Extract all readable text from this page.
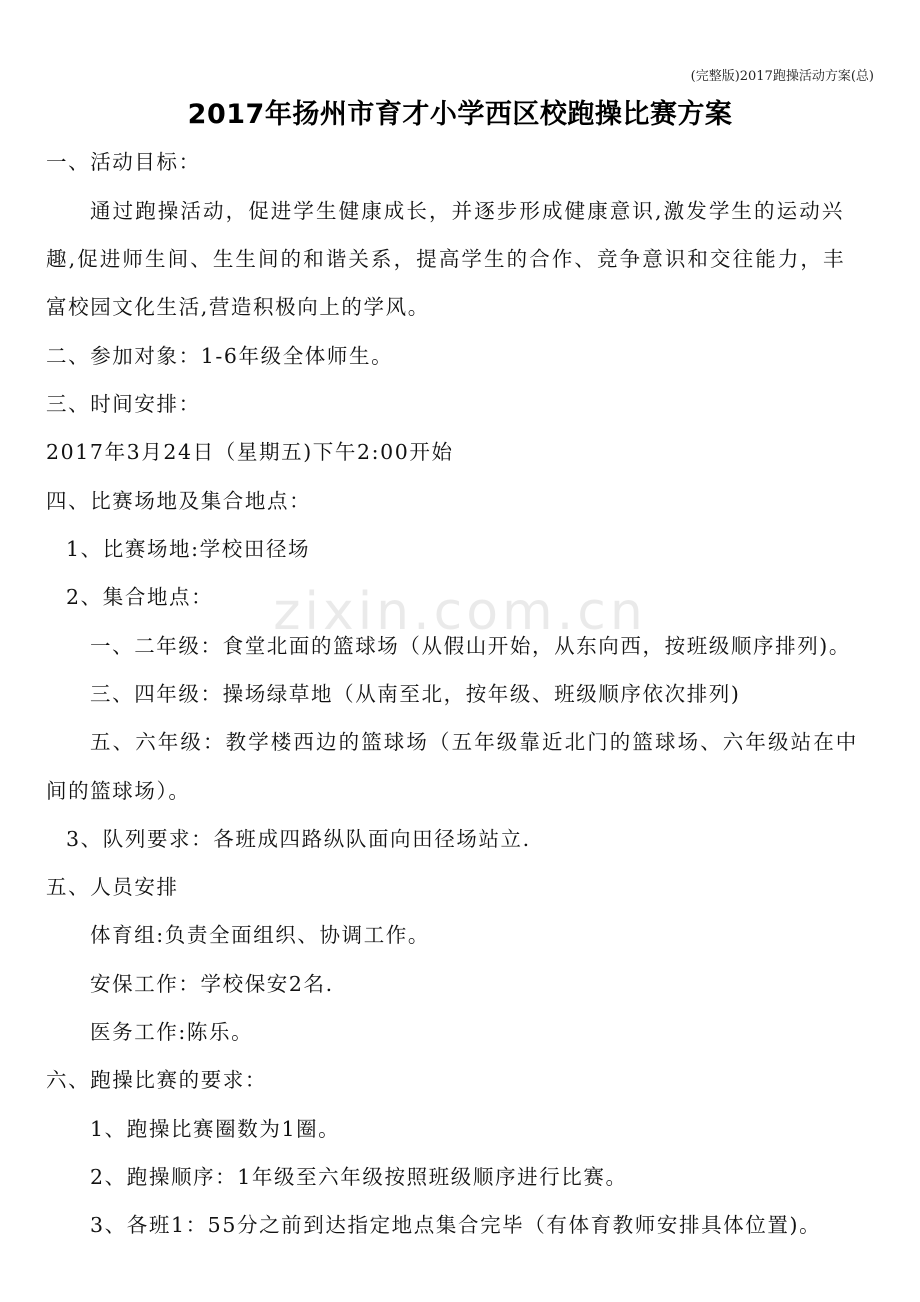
(完整版)2017跑操活动方案(总)
2017年扬州市育才小学西区校跑操比赛方案
zixin.com.cn
一、活动目标：
通过跑操活动，促进学生健康成长，并逐步形成健康意识,激发学生的运动兴
趣,促进师生间、生生间的和谐关系，提高学生的合作、竞争意识和交往能力，丰
富校园文化生活,营造积极向上的学风。
二、参加对象：1-6年级全体师生。
三、时间安排：
2017年3月24日（星期五)下午2:00开始
四、比赛场地及集合地点：
1、比赛场地:学校田径场
2、集合地点：
一、二年级：食堂北面的篮球场（从假山开始，从东向西，按班级顺序排列)。
三、四年级：操场绿草地（从南至北，按年级、班级顺序依次排列)
五、六年级：教学楼西边的篮球场（五年级靠近北门的篮球场、六年级站在中
间的篮球场）。
3、队列要求：各班成四路纵队面向田径场站立.
五、人员安排
体育组:负责全面组织、协调工作。
安保工作：学校保安2名.
医务工作:陈乐。
六、跑操比赛的要求：
1、跑操比赛圈数为1圈。
2、跑操顺序：1年级至六年级按照班级顺序进行比赛。
3、各班1：55分之前到达指定地点集合完毕（有体育教师安排具体位置)。
